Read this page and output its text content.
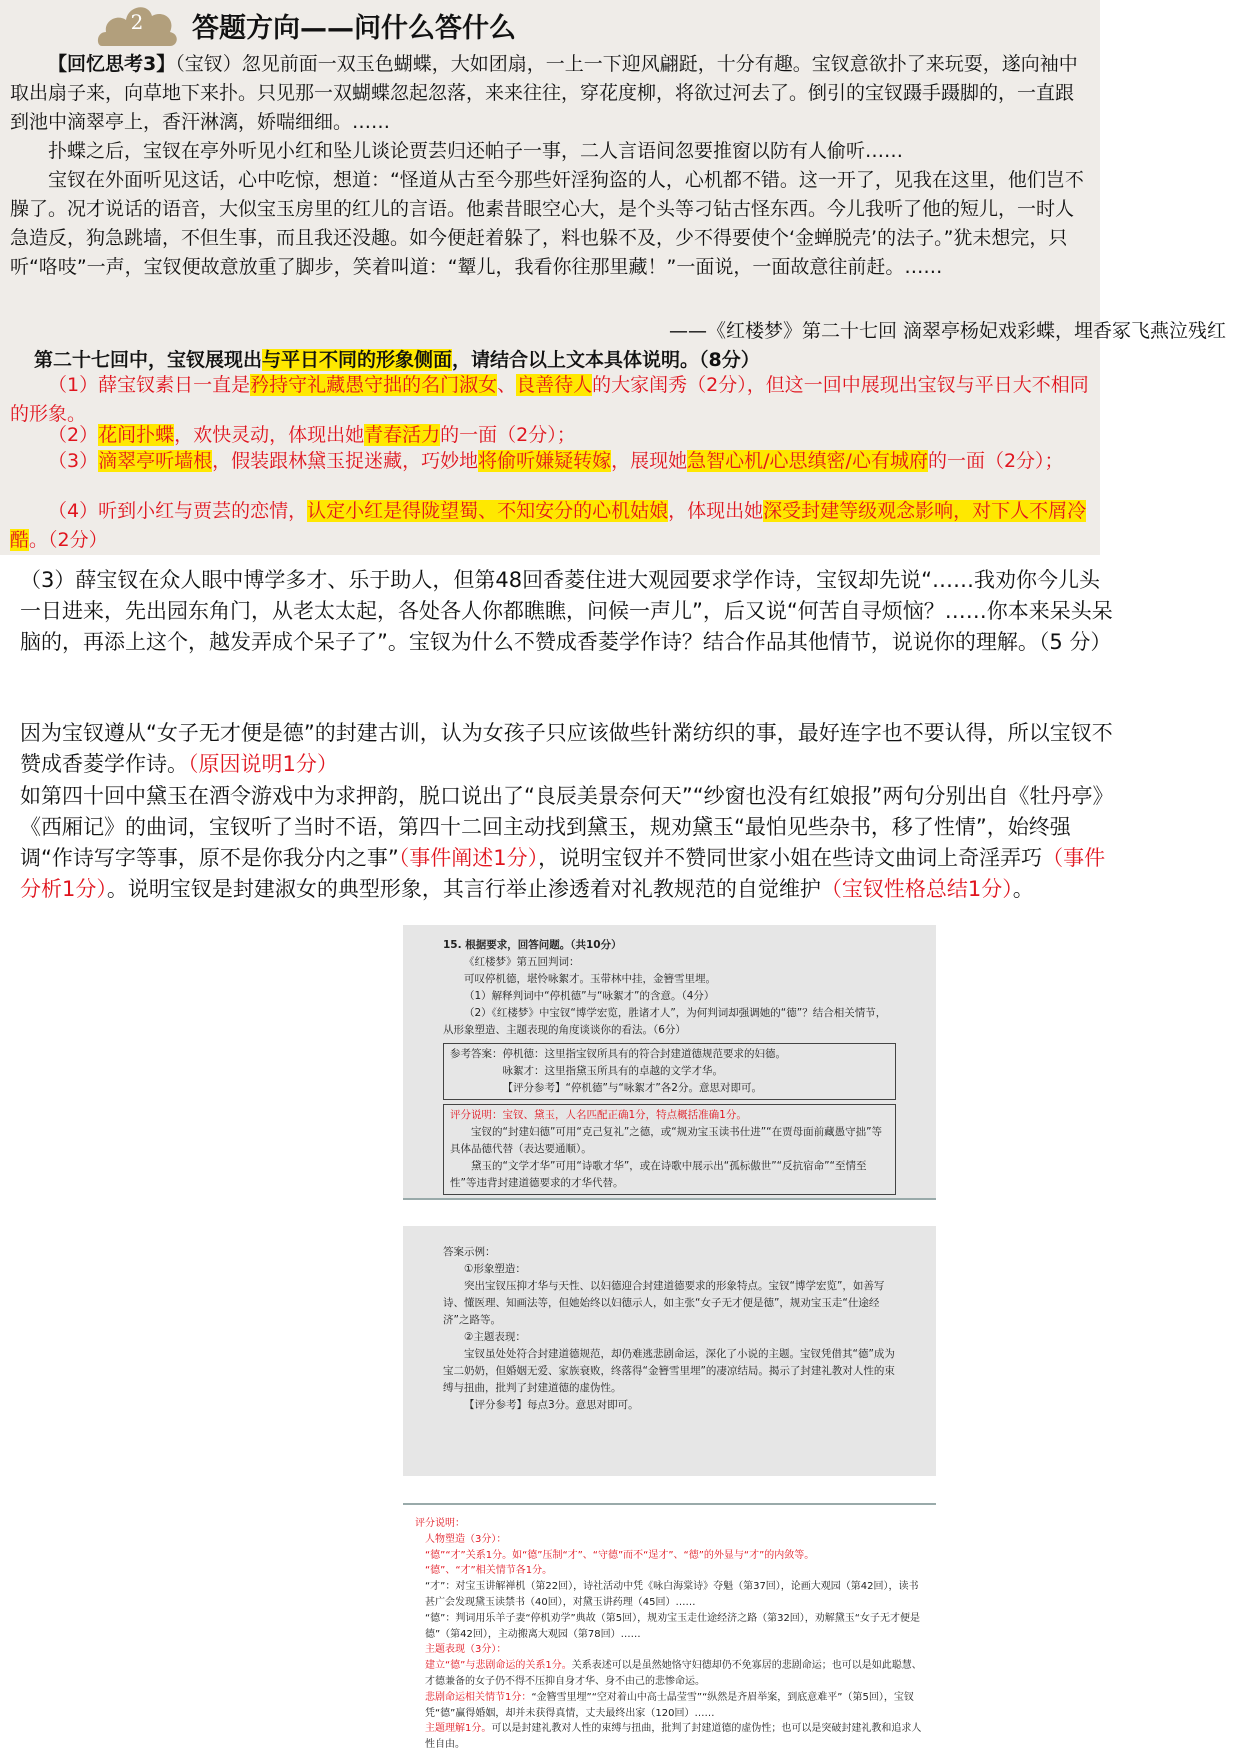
2	答题方向——问什么答什么

【回忆思考3】（宝钗）忽见前面一双玉色蝴蝶，大如团扇，一上一下迎风翩跹，十分有趣。宝钗意欲扑了来玩耍，遂向袖中取出扇子来，向草地下来扑。只见那一双蝴蝶忽起忽落，来来往往，穿花度柳，将欲过河去了。倒引的宝钗蹑手蹑脚的，一直跟到池中滴翠亭上，香汗淋漓，娇喘细细。……

扑蝶之后，宝钗在亭外听见小红和坠儿谈论贾芸归还帕子一事，二人言语间忽要推窗以防有人偷听……

宝钗在外面听见这话，心中吃惊，想道：“怪道从古至今那些奸淫狗盗的人，心机都不错。这一开了，见我在这里，他们岂不臊了。况才说话的语音，大似宝玉房里的红儿的言语。他素昔眼空心大，是个头等刁钻古怪东西。今儿我听了他的短儿，一时人急造反，狗急跳墙，不但生事，而且我还没趣。如今便赶着躲了，料也躲不及，少不得要使个‘金蝉脱壳’的法子。”犹未想完，只听“咯吱”一声，宝钗便故意放重了脚步，笑着叫道：“颦儿，我看你往那里藏！”一面说，一面故意往前赶。……

——《红楼梦》第二十七回 滴翠亭杨妃戏彩蝶，埋香冢飞燕泣残红
第二十七回中，宝钗展现出与平日不同的形象侧面，请结合以上文本具体说明。（8分）

（1）薛宝钗素日一直是矜持守礼藏愚守拙的名门淑女、良善待人的大家闺秀（2分），但这一回中展现出宝钗与平日大不相同的形象。

（2）花间扑蝶，欢快灵动，体现出她青春活力的一面（2分）；

（3）滴翠亭听墙根，假装跟林黛玉捉迷藏，巧妙地将偷听嫌疑转嫁，展现她急智心机/心思缜密/心有城府的一面（2分）；

（4）听到小红与贾芸的恋情，认定小红是得陇望蜀、不知安分的心机姑娘，体现出她深受封建等级观念影响，对下人不屑冷酷。（2分）

（3）薛宝钗在众人眼中博学多才、乐于助人，但第48回香菱住进大观园要求学作诗，宝钗却先说“……我劝你今儿头一日进来，先出园东角门，从老太太起，各处各人你都瞧瞧，问候一声儿”，后又说“何苦自寻烦恼？……你本来呆头呆脑的，再添上这个，越发弄成个呆子了”。宝钗为什么不赞成香菱学作诗？结合作品其他情节，说说你的理解。（5 分）

因为宝钗遵从“女子无才便是德”的封建古训，认为女孩子只应该做些针黹纺织的事，最好连字也不要认得，所以宝钗不赞成香菱学作诗。（原因说明1分）

如第四十回中黛玉在酒令游戏中为求押韵，脱口说出了“良辰美景奈何天”“纱窗也没有红娘报”两句分别出自《牡丹亭》《西厢记》的曲词，宝钗听了当时不语，第四十二回主动找到黛玉，规劝黛玉“最怕见些杂书，移了性情”，始终强调“作诗写字等事，原不是你我分内之事”（事件阐述1分），说明宝钗并不赞同世家小姐在些诗文曲词上奇淫弄巧（事件分析1分）。说明宝钗是封建淑女的典型形象，其言行举止渗透着对礼教规范的自觉维护（宝钗性格总结1分）。

15. 根据要求，回答问题。（共10分）

《红楼梦》第五回判词：

可叹停机德，堪怜咏絮才。玉带林中挂，金簪雪里埋。

（1）解释判词中“停机德”与“咏絮才”的含意。（4分）

（2）《红楼梦》中宝钗“博学宏览，胜诸才人”，为何判词却强调她的“德”？结合相关情节，从形象塑造、主题表现的角度谈谈你的看法。（6分）

参考答案：停机德：这里指宝钗所具有的符合封建道德规范要求的妇德。

咏絮才：这里指黛玉所具有的卓越的文学才华。

【评分参考】“停机德”与“咏絮才”各2分。意思对即可。

评分说明：宝钗、黛玉，人名匹配正确1分，特点概括准确1分。

宝钗的“封建妇德”可用“克己复礼”之德，或“规劝宝玉读书仕进”“在贾母面前藏愚守拙”等具体品德代替（表达要通顺）。

黛玉的“文学才华”可用“诗歌才华”，或在诗歌中展示出“孤标傲世”“反抗宿命”“至情至性”等违背封建道德要求的才华代替。

答案示例：

①形象塑造：

突出宝钗压抑才华与天性、以妇德迎合封建道德要求的形象特点。宝钗“博学宏览”，如善写诗、懂医理、知画法等，但她始终以妇德示人，如主张“女子无才便是德”，规劝宝玉走“仕途经济”之路等。

②主题表现：

宝钗虽处处符合封建道德规范，却仍难逃悲剧命运，深化了小说的主题。宝钗凭借其“德”成为宝二奶奶，但婚姻无爱、家族衰败，终落得“金簪雪里埋”的凄凉结局。揭示了封建礼教对人性的束缚与扭曲，批判了封建道德的虚伪性。

【评分参考】每点3分。意思对即可。

评分说明：

人物塑造（3分）：

“德”“才”关系1分。如“德”压制“才”、“守德”而不“逞才”、“德”的外显与“才”的内敛等。

“德”、“才”相关情节各1分。

“才”：对宝玉讲解禅机（第22回），诗社活动中凭《咏白海棠诗》夺魁（第37回），论画大观园（第42回），读书甚广会发现黛玉读禁书（40回），对黛玉讲药理（45回）……

“德”：判词用乐羊子妻“停机劝学”典故（第5回），规劝宝玉走仕途经济之路（第32回），劝解黛玉“女子无才便是德”（第42回），主动搬离大观园（第78回）……

主题表现（3分）：

建立“德”与悲剧命运的关系1分。关系表述可以是虽然她恪守妇德却仍不免寡居的悲剧命运；也可以是如此聪慧、才德兼备的女子仍不得不压抑自身才华、身不由己的悲惨命运。

悲剧命运相关情节1分：“金簪雪里埋”“空对着山中高士晶莹雪”“纵然是齐眉举案，到底意难平”（第5回），宝钗凭“德”赢得婚姻，却并未获得真情，丈夫最终出家（120回）……

主题理解1分。可以是封建礼教对人性的束缚与扭曲，批判了封建道德的虚伪性；也可以是突破封建礼教和追求人性自由。
